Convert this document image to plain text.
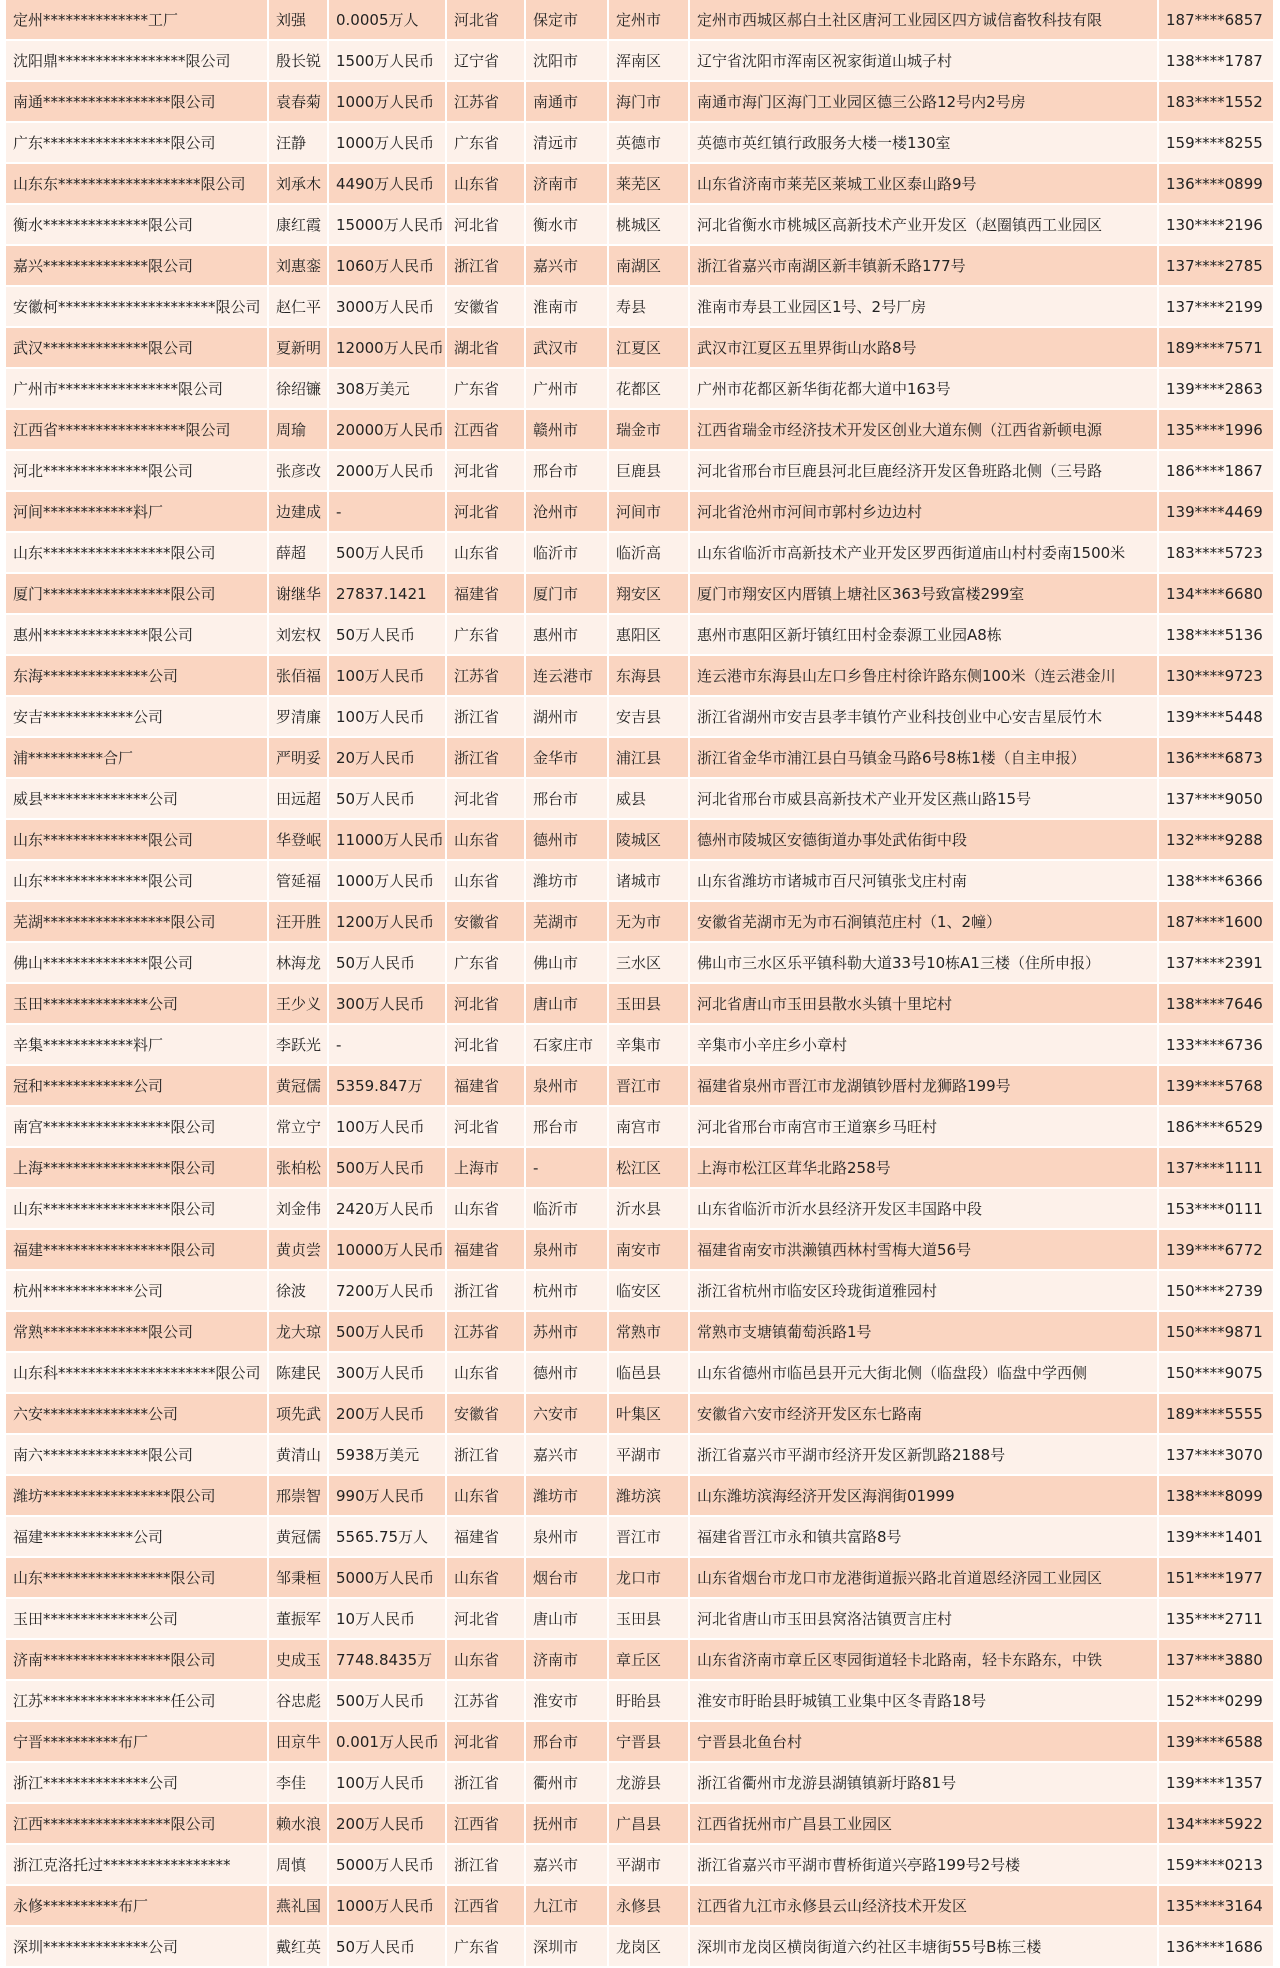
定州**************工厂	刘强	0.0005万人	河北省	保定市	定州市	定州市西城区郝白土社区唐河工业园区四方诚信畜牧科技有限	187****6857
沈阳鼎*****************限公司	殷长锐	1500万人民币	辽宁省	沈阳市	浑南区	辽宁省沈阳市浑南区祝家街道山城子村	138****1787
南通*****************限公司	袁春菊	1000万人民币	江苏省	南通市	海门市	南通市海门区海门工业园区德三公路12号内2号房	183****1552
广东*****************限公司	汪静	1000万人民币	广东省	清远市	英德市	英德市英红镇行政服务大楼一楼130室	159****8255
山东东*******************限公司	刘承木	4490万人民币	山东省	济南市	莱芜区	山东省济南市莱芜区莱城工业区泰山路9号	136****0899
衡水**************限公司	康红霞	15000万人民币	河北省	衡水市	桃城区	河北省衡水市桃城区高新技术产业开发区（赵圈镇西工业园区	130****2196
嘉兴**************限公司	刘惠銮	1060万人民币	浙江省	嘉兴市	南湖区	浙江省嘉兴市南湖区新丰镇新禾路177号	137****2785
安徽柯*********************限公司	赵仁平	3000万人民币	安徽省	淮南市	寿县	淮南市寿县工业园区1号、2号厂房	137****2199
武汉**************限公司	夏新明	12000万人民币	湖北省	武汉市	江夏区	武汉市江夏区五里界街山水路8号	189****7571
广州市****************限公司	徐绍镰	308万美元	广东省	广州市	花都区	广州市花都区新华街花都大道中163号	139****2863
江西省*****************限公司	周瑜	20000万人民币	江西省	赣州市	瑞金市	江西省瑞金市经济技术开发区创业大道东侧（江西省新顿电源	135****1996
河北**************限公司	张彦改	2000万人民币	河北省	邢台市	巨鹿县	河北省邢台市巨鹿县河北巨鹿经济开发区鲁班路北侧（三号路	186****1867
河间************料厂	边建成	-	河北省	沧州市	河间市	河北省沧州市河间市郭村乡边边村	139****4469
山东*****************限公司	薛超	500万人民币	山东省	临沂市	临沂高	山东省临沂市高新技术产业开发区罗西街道庙山村村委南1500米	183****5723
厦门*****************限公司	谢继华	27837.1421	福建省	厦门市	翔安区	厦门市翔安区内厝镇上塘社区363号致富楼299室	134****6680
惠州**************限公司	刘宏权	50万人民币	广东省	惠州市	惠阳区	惠州市惠阳区新圩镇红田村金泰源工业园A8栋	138****5136
东海**************公司	张佰福	100万人民币	江苏省	连云港市	东海县	连云港市东海县山左口乡鲁庄村徐许路东侧100米（连云港金川	130****9723
安吉************公司	罗清廉	100万人民币	浙江省	湖州市	安吉县	浙江省湖州市安吉县孝丰镇竹产业科技创业中心安吉星辰竹木	139****5448
浦**********合厂	严明妥	20万人民币	浙江省	金华市	浦江县	浙江省金华市浦江县白马镇金马路6号8栋1楼（自主申报）	136****6873
威县**************公司	田远超	50万人民币	河北省	邢台市	威县	河北省邢台市威县高新技术产业开发区燕山路15号	137****9050
山东**************限公司	华登岷	11000万人民币	山东省	德州市	陵城区	德州市陵城区安德街道办事处武佑街中段	132****9288
山东**************限公司	管延福	1000万人民币	山东省	潍坊市	诸城市	山东省潍坊市诸城市百尺河镇张戈庄村南	138****6366
芜湖*****************限公司	汪开胜	1200万人民币	安徽省	芜湖市	无为市	安徽省芜湖市无为市石涧镇范庄村（1、2幢）	187****1600
佛山**************限公司	林海龙	50万人民币	广东省	佛山市	三水区	佛山市三水区乐平镇科勒大道33号10栋A1三楼（住所申报）	137****2391
玉田**************公司	王少义	300万人民币	河北省	唐山市	玉田县	河北省唐山市玉田县散水头镇十里坨村	138****7646
辛集************料厂	李跃光	-	河北省	石家庄市	辛集市	辛集市小辛庄乡小章村	133****6736
冠和************公司	黄冠儒	5359.847万	福建省	泉州市	晋江市	福建省泉州市晋江市龙湖镇钞厝村龙狮路199号	139****5768
南宫*****************限公司	常立宁	100万人民币	河北省	邢台市	南宫市	河北省邢台市南宫市王道寨乡马旺村	186****6529
上海*****************限公司	张柏松	500万人民币	上海市	-	松江区	上海市松江区茸华北路258号	137****1111
山东*****************限公司	刘金伟	2420万人民币	山东省	临沂市	沂水县	山东省临沂市沂水县经济开发区丰国路中段	153****0111
福建*****************限公司	黄贞尝	10000万人民币	福建省	泉州市	南安市	福建省南安市洪濑镇西林村雪梅大道56号	139****6772
杭州************公司	徐波	7200万人民币	浙江省	杭州市	临安区	浙江省杭州市临安区玲珑街道雅园村	150****2739
常熟**************限公司	龙大琼	500万人民币	江苏省	苏州市	常熟市	常熟市支塘镇葡萄浜路1号	150****9871
山东科*********************限公司	陈建民	300万人民币	山东省	德州市	临邑县	山东省德州市临邑县开元大街北侧（临盘段）临盘中学西侧	150****9075
六安**************公司	项先武	200万人民币	安徽省	六安市	叶集区	安徽省六安市经济开发区东七路南	189****5555
南六**************限公司	黄清山	5938万美元	浙江省	嘉兴市	平湖市	浙江省嘉兴市平湖市经济开发区新凯路2188号	137****3070
潍坊*****************限公司	邢崇智	990万人民币	山东省	潍坊市	潍坊滨	山东潍坊滨海经济开发区海润街01999	138****8099
福建************公司	黄冠儒	5565.75万人	福建省	泉州市	晋江市	福建省晋江市永和镇共富路8号	139****1401
山东*****************限公司	邹秉桓	5000万人民币	山东省	烟台市	龙口市	山东省烟台市龙口市龙港街道振兴路北首道恩经济园工业园区	151****1977
玉田**************公司	董振军	10万人民币	河北省	唐山市	玉田县	河北省唐山市玉田县窝洛沽镇贾言庄村	135****2711
济南*****************限公司	史成玉	7748.8435万	山东省	济南市	章丘区	山东省济南市章丘区枣园街道轻卡北路南，轻卡东路东，中铁	137****3880
江苏*****************任公司	谷忠彪	500万人民币	江苏省	淮安市	盱眙县	淮安市盱眙县盱城镇工业集中区冬青路18号	152****0299
宁晋**********布厂	田京牛	0.001万人民币	河北省	邢台市	宁晋县	宁晋县北鱼台村	139****6588
浙江**************公司	李佳	100万人民币	浙江省	衢州市	龙游县	浙江省衢州市龙游县湖镇镇新圩路81号	139****1357
江西*****************限公司	赖水浪	200万人民币	江西省	抚州市	广昌县	江西省抚州市广昌县工业园区	134****5922
浙江克洛托过*****************	周慎	5000万人民币	浙江省	嘉兴市	平湖市	浙江省嘉兴市平湖市曹桥街道兴亭路199号2号楼	159****0213
永修**********布厂	燕礼国	1000万人民币	江西省	九江市	永修县	江西省九江市永修县云山经济技术开发区	135****3164
深圳**************公司	戴红英	50万人民币	广东省	深圳市	龙岗区	深圳市龙岗区横岗街道六约社区丰塘街55号B栋三楼	136****1686
